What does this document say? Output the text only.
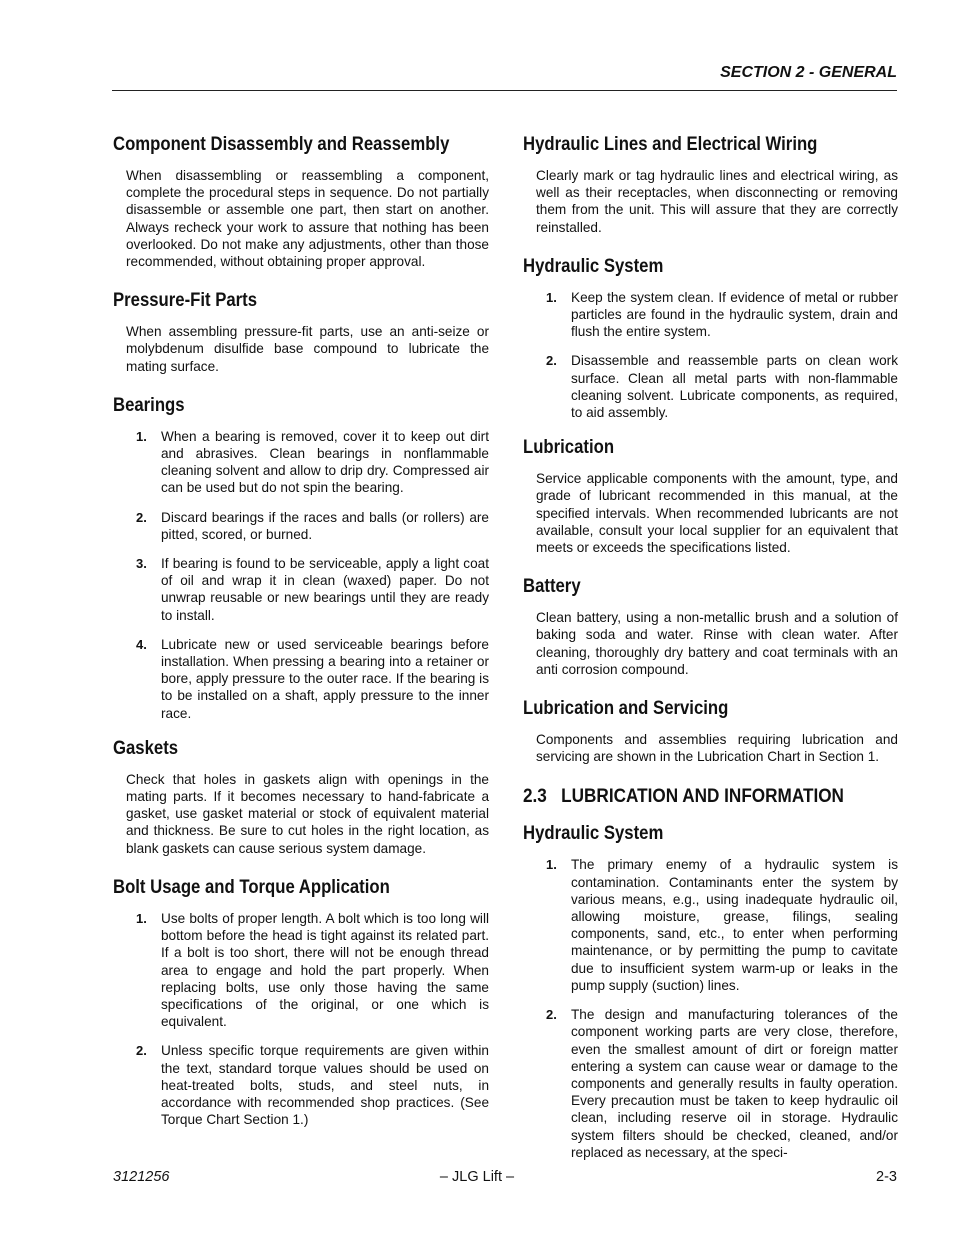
SECTION 2 - GENERAL
Component Disassembly and Reassembly

When disassembling or reassembling a component, complete the procedural steps in sequence. Do not partially disassemble or assemble one part, then start on another. Always recheck your work to assure that nothing has been overlooked. Do not make any adjustments, other than those recommended, without obtaining proper approval.

Pressure-Fit Parts

When assembling pressure-fit parts, use an anti-seize or molybdenum disulfide base compound to lubricate the mating surface.

Bearings
1. When a bearing is removed, cover it to keep out dirt and abrasives. Clean bearings in nonflammable cleaning solvent and allow to drip dry. Compressed air can be used but do not spin the bearing.
2. Discard bearings if the races and balls (or rollers) are pitted, scored, or burned.
3. If bearing is found to be serviceable, apply a light coat of oil and wrap it in clean (waxed) paper. Do not unwrap reusable or new bearings until they are ready to install.
4. Lubricate new or used serviceable bearings before installation. When pressing a bearing into a retainer or bore, apply pressure to the outer race. If the bearing is to be installed on a shaft, apply pressure to the inner race.
Gaskets

Check that holes in gaskets align with openings in the mating parts. If it becomes necessary to hand-fabricate a gasket, use gasket material or stock of equivalent material and thickness. Be sure to cut holes in the right location, as blank gaskets can cause serious system damage.

Bolt Usage and Torque Application
1. Use bolts of proper length. A bolt which is too long will bottom before the head is tight against its related part. If a bolt is too short, there will not be enough thread area to engage and hold the part properly. When replacing bolts, use only those having the same specifications of the original, or one which is equivalent.
2. Unless specific torque requirements are given within the text, standard torque values should be used on heat-treated bolts, studs, and steel nuts, in accordance with recommended shop practices. (See Torque Chart Section 1.)
Hydraulic Lines and Electrical Wiring

Clearly mark or tag hydraulic lines and electrical wiring, as well as their receptacles, when disconnecting or removing them from the unit. This will assure that they are correctly reinstalled.

Hydraulic System
1. Keep the system clean. If evidence of metal or rubber particles are found in the hydraulic system, drain and flush the entire system.
2. Disassemble and reassemble parts on clean work surface. Clean all metal parts with non-flammable cleaning solvent. Lubricate components, as required, to aid assembly.
Lubrication

Service applicable components with the amount, type, and grade of lubricant recommended in this manual, at the specified intervals. When recommended lubricants are not available, consult your local supplier for an equivalent that meets or exceeds the specifications listed.

Battery

Clean battery, using a non-metallic brush and a solution of baking soda and water. Rinse with clean water. After cleaning, thoroughly dry battery and coat terminals with an anti corrosion compound.

Lubrication and Servicing

Components and assemblies requiring lubrication and servicing are shown in the Lubrication Chart in Section 1.

2.3   LUBRICATION AND INFORMATION
Hydraulic System
1. The primary enemy of a hydraulic system is contamination. Contaminants enter the system by various means, e.g., using inadequate hydraulic oil, allowing moisture, grease, filings, sealing components, sand, etc., to enter when performing maintenance, or by permitting the pump to cavitate due to insufficient system warm-up or leaks in the pump supply (suction) lines.
2. The design and manufacturing tolerances of the component working parts are very close, therefore, even the smallest amount of dirt or foreign matter entering a system can cause wear or damage to the components and generally results in faulty operation. Every precaution must be taken to keep hydraulic oil clean, including reserve oil in storage. Hydraulic system filters should be checked, cleaned, and/or replaced as necessary, at the speci-
– JLG Lift –
3121256	2-3
